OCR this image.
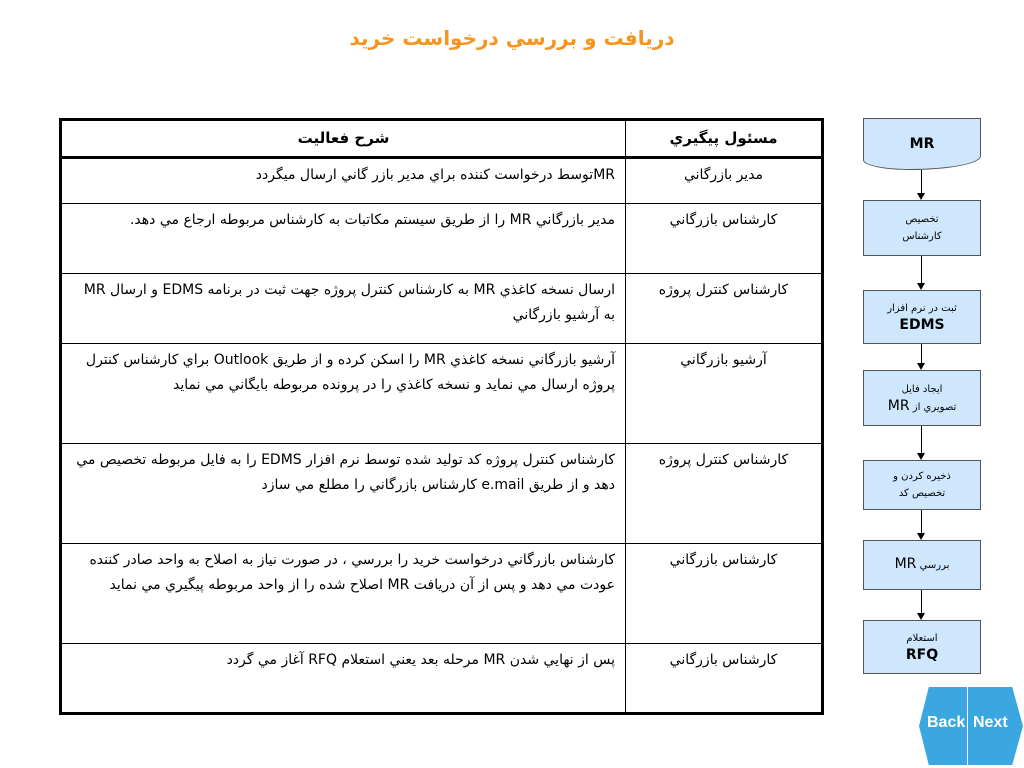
دريافت و بررسي درخواست خريد
شرح فعاليت	مسئول پيگيري
MRتوسط درخواست كننده براي مدير بازر گاني ارسال ميگردد	مدير بازرگاني
مدير بازرگاني MR را از طريق سيستم مكاتبات به كارشناس مربوطه ارجاع مي دهد.	كارشناس بازرگاني
ارسال نسخه كاغذي MR به كارشناس كنترل پروژه جهت ثبت در برنامه EDMS و ارسال MR به آرشيو بازرگاني	كارشناس كنترل پروژه
آرشيو بازرگاني نسخه كاغذي MR را اسكن كرده و از طريق Outlook براي كارشناس كنترل پروژه ارسال مي نمايد و نسخه كاغذي را در پرونده مربوطه بايگاني مي نمايد	آرشيو بازرگاني
كارشناس كنترل پروژه كد توليد شده توسط نرم افزار EDMS را به فايل مربوطه تخصيص مي دهد و از طريق e.mail كارشناس بازرگاني را مطلع مي سازد	كارشناس كنترل پروژه
كارشناس بازرگاني درخواست خريد را بررسي ، در صورت نياز به اصلاح به واحد صادر كننده عودت مي دهد و پس از آن دريافت MR اصلاح شده را از واحد مربوطه پيگيري مي نمايد	كارشناس بازرگاني
پس از نهايي شدن MR مرحله بعد يعني استعلام RFQ آغاز مي گردد	كارشناس بازرگاني
MR
تخصيص
كارشناس
ثبت در نرم افزار
EDMS
ايجاد فايل
تصويري از MR
ذخيره كردن و
تخصيص كد
بررسي MR
استعلام
RFQ
Back Next
